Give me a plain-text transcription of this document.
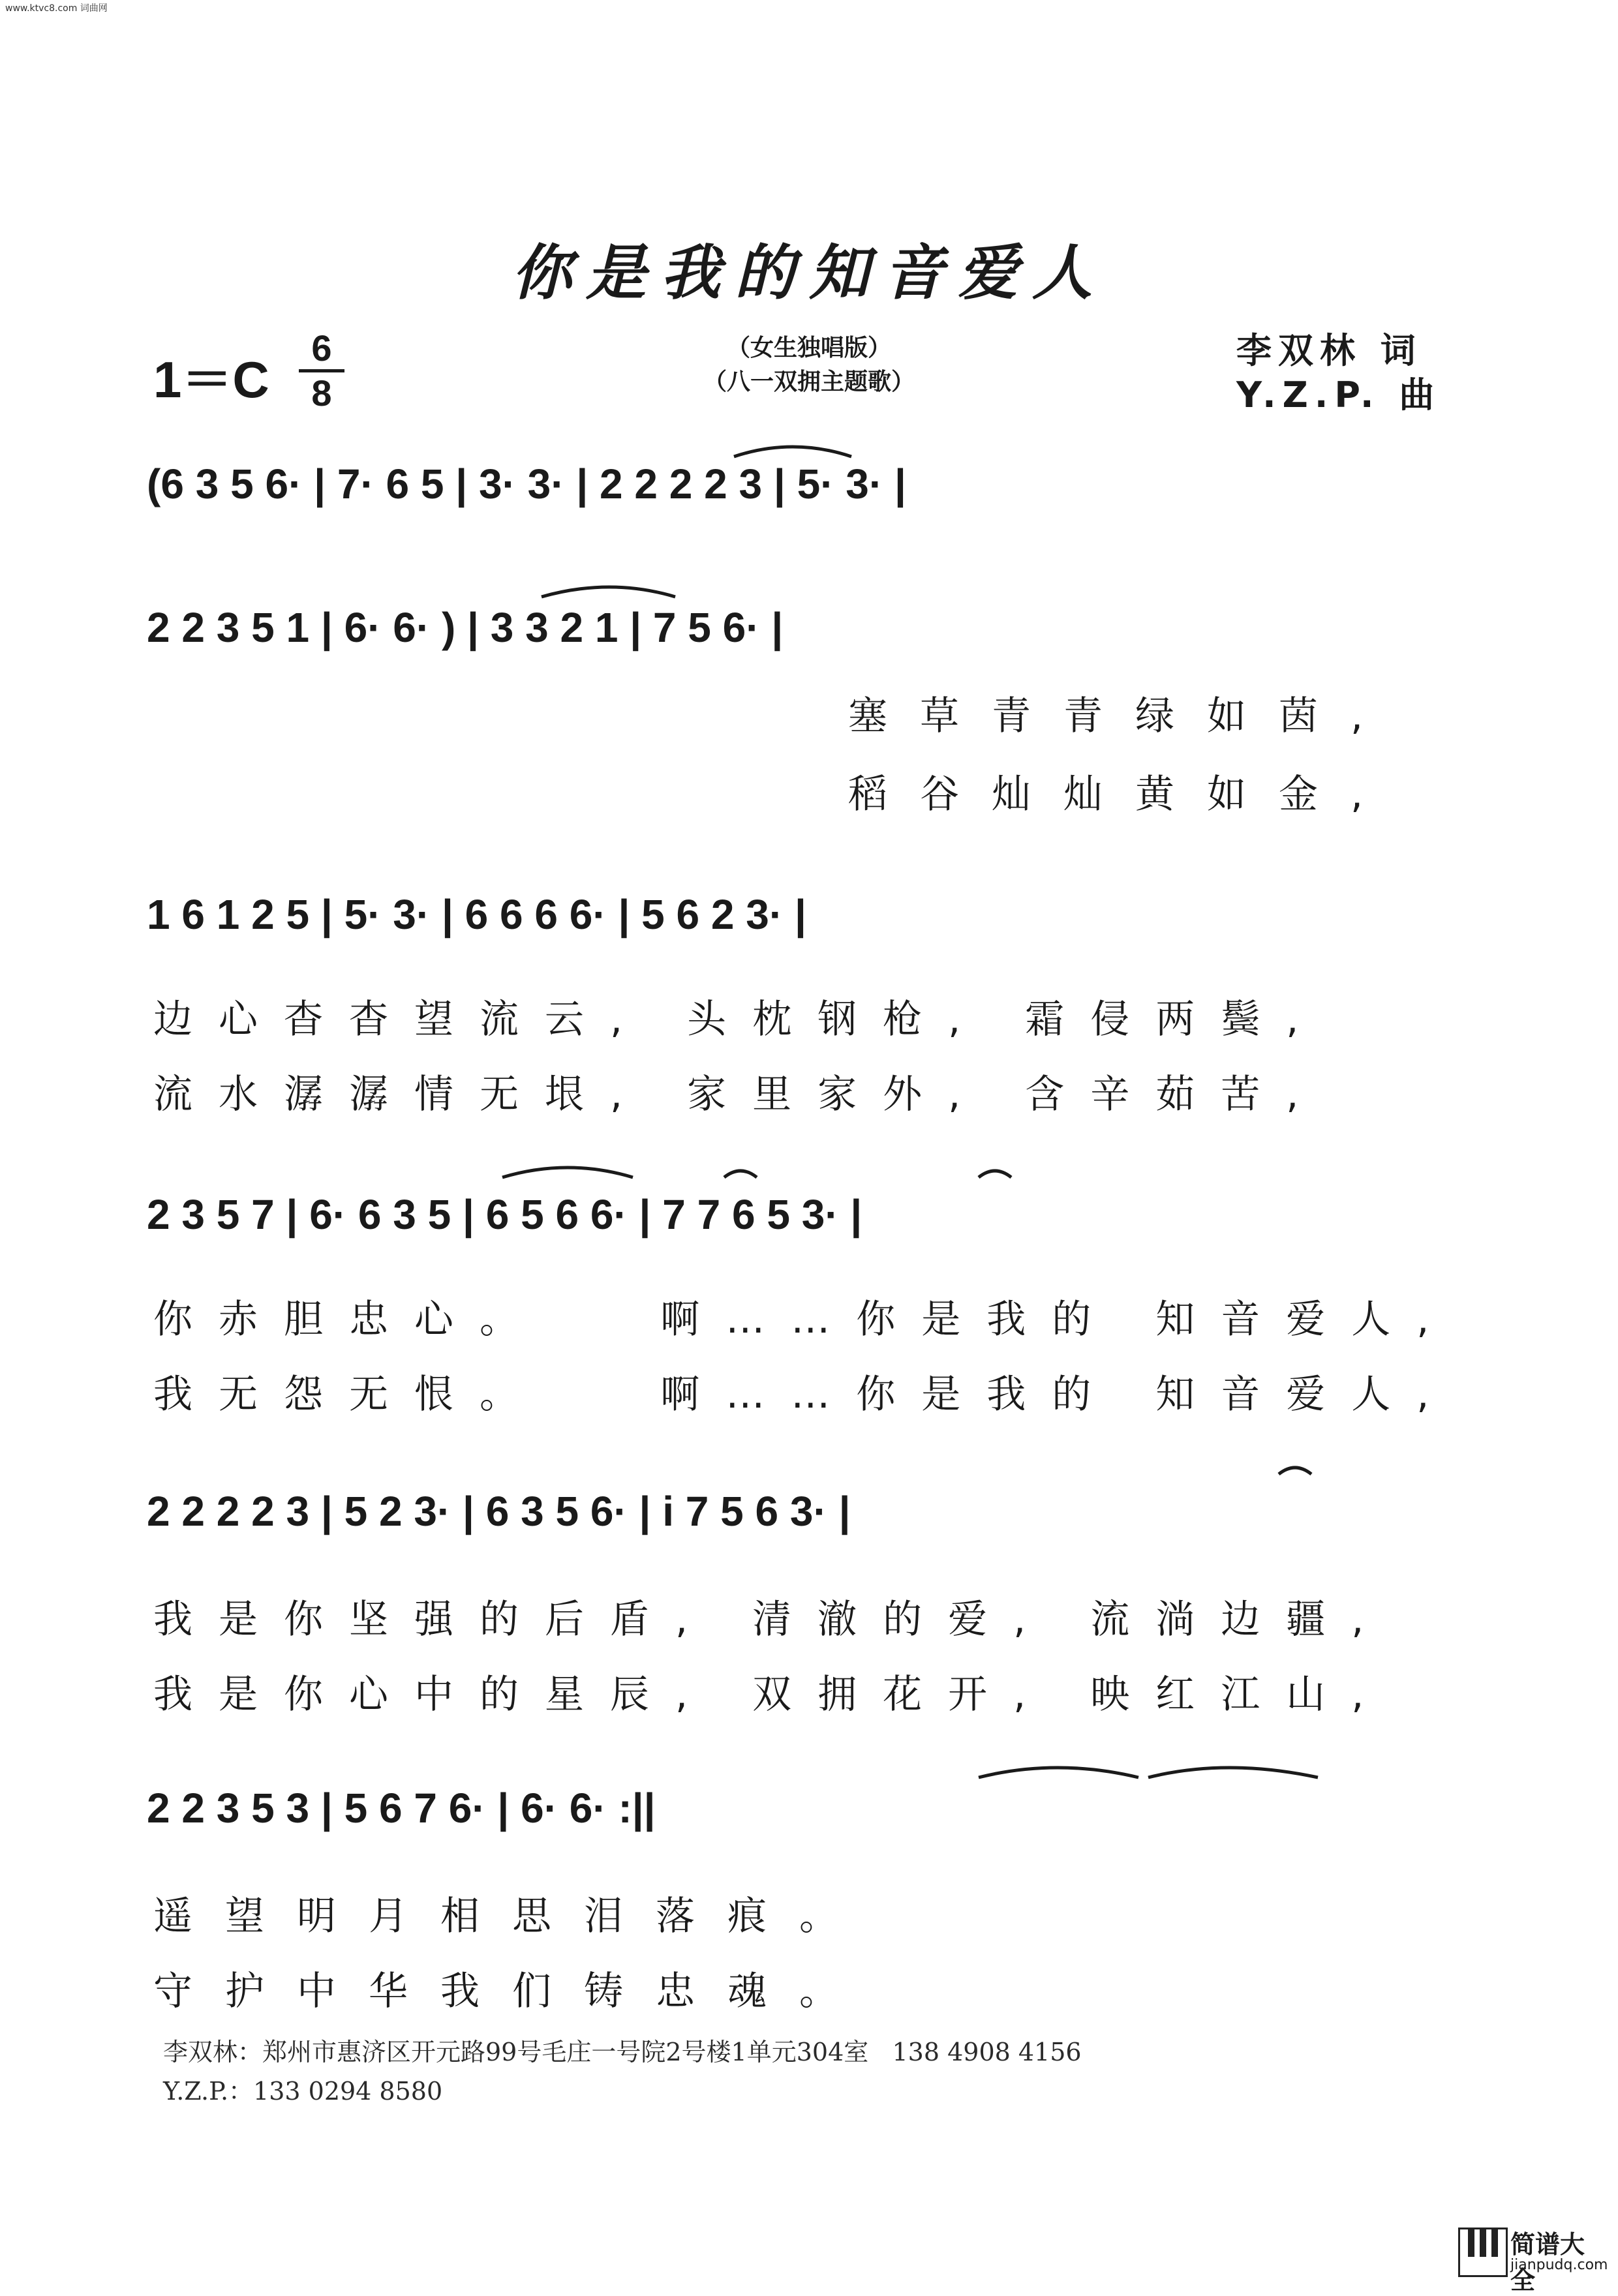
www.ktvc8.com 词曲网
你是我的知音爱人
1＝C
6
8
（女生独唱版）
（八一双拥主题歌）
李双林 词
Y.Z.P. 曲
(6 3 5 6· | 7· 6 5 | 3· 3· | 2 2 2 2 3 | 5· 3· |
2 2 3 5 1 | 6· 6· ) | 3 3 2 1 | 7 5 6· |
1 6 1 2 5 | 5· 3· | 6 6 6 6· | 5 6 2 3· |
2 3 5 7 | 6· 6 3 5 | 6 5 6 6· | 7 7 6 5 3· |
2 2 2 2 3 | 5 2 3· | 6 3 5 6· | i 7 5 6 3· |
2 2 3 5 3 | 5 6 7 6· | 6· 6· :||
塞草青青绿如茵,
稻谷灿灿黄如金,
边心杳杳望流云, 头枕钢枪, 霜侵两鬓,
流水潺潺情无垠, 家里家外, 含辛茹苦,
你赤胆忠心。   啊……你是我的 知音爱人,
我无怨无恨。   啊……你是我的 知音爱人,
我是你坚强的后盾, 清澈的爱, 流淌边疆,
我是你心中的星辰, 双拥花开, 映红江山,
遥望明月相思泪落痕。
守护中华我们铸忠魂。
李双林：郑州市惠济区开元路99号毛庄一号院2号楼1单元304室   138 4908 4156
Y.Z.P.：133 0294 8580
简谱大全
jianpudq.com
